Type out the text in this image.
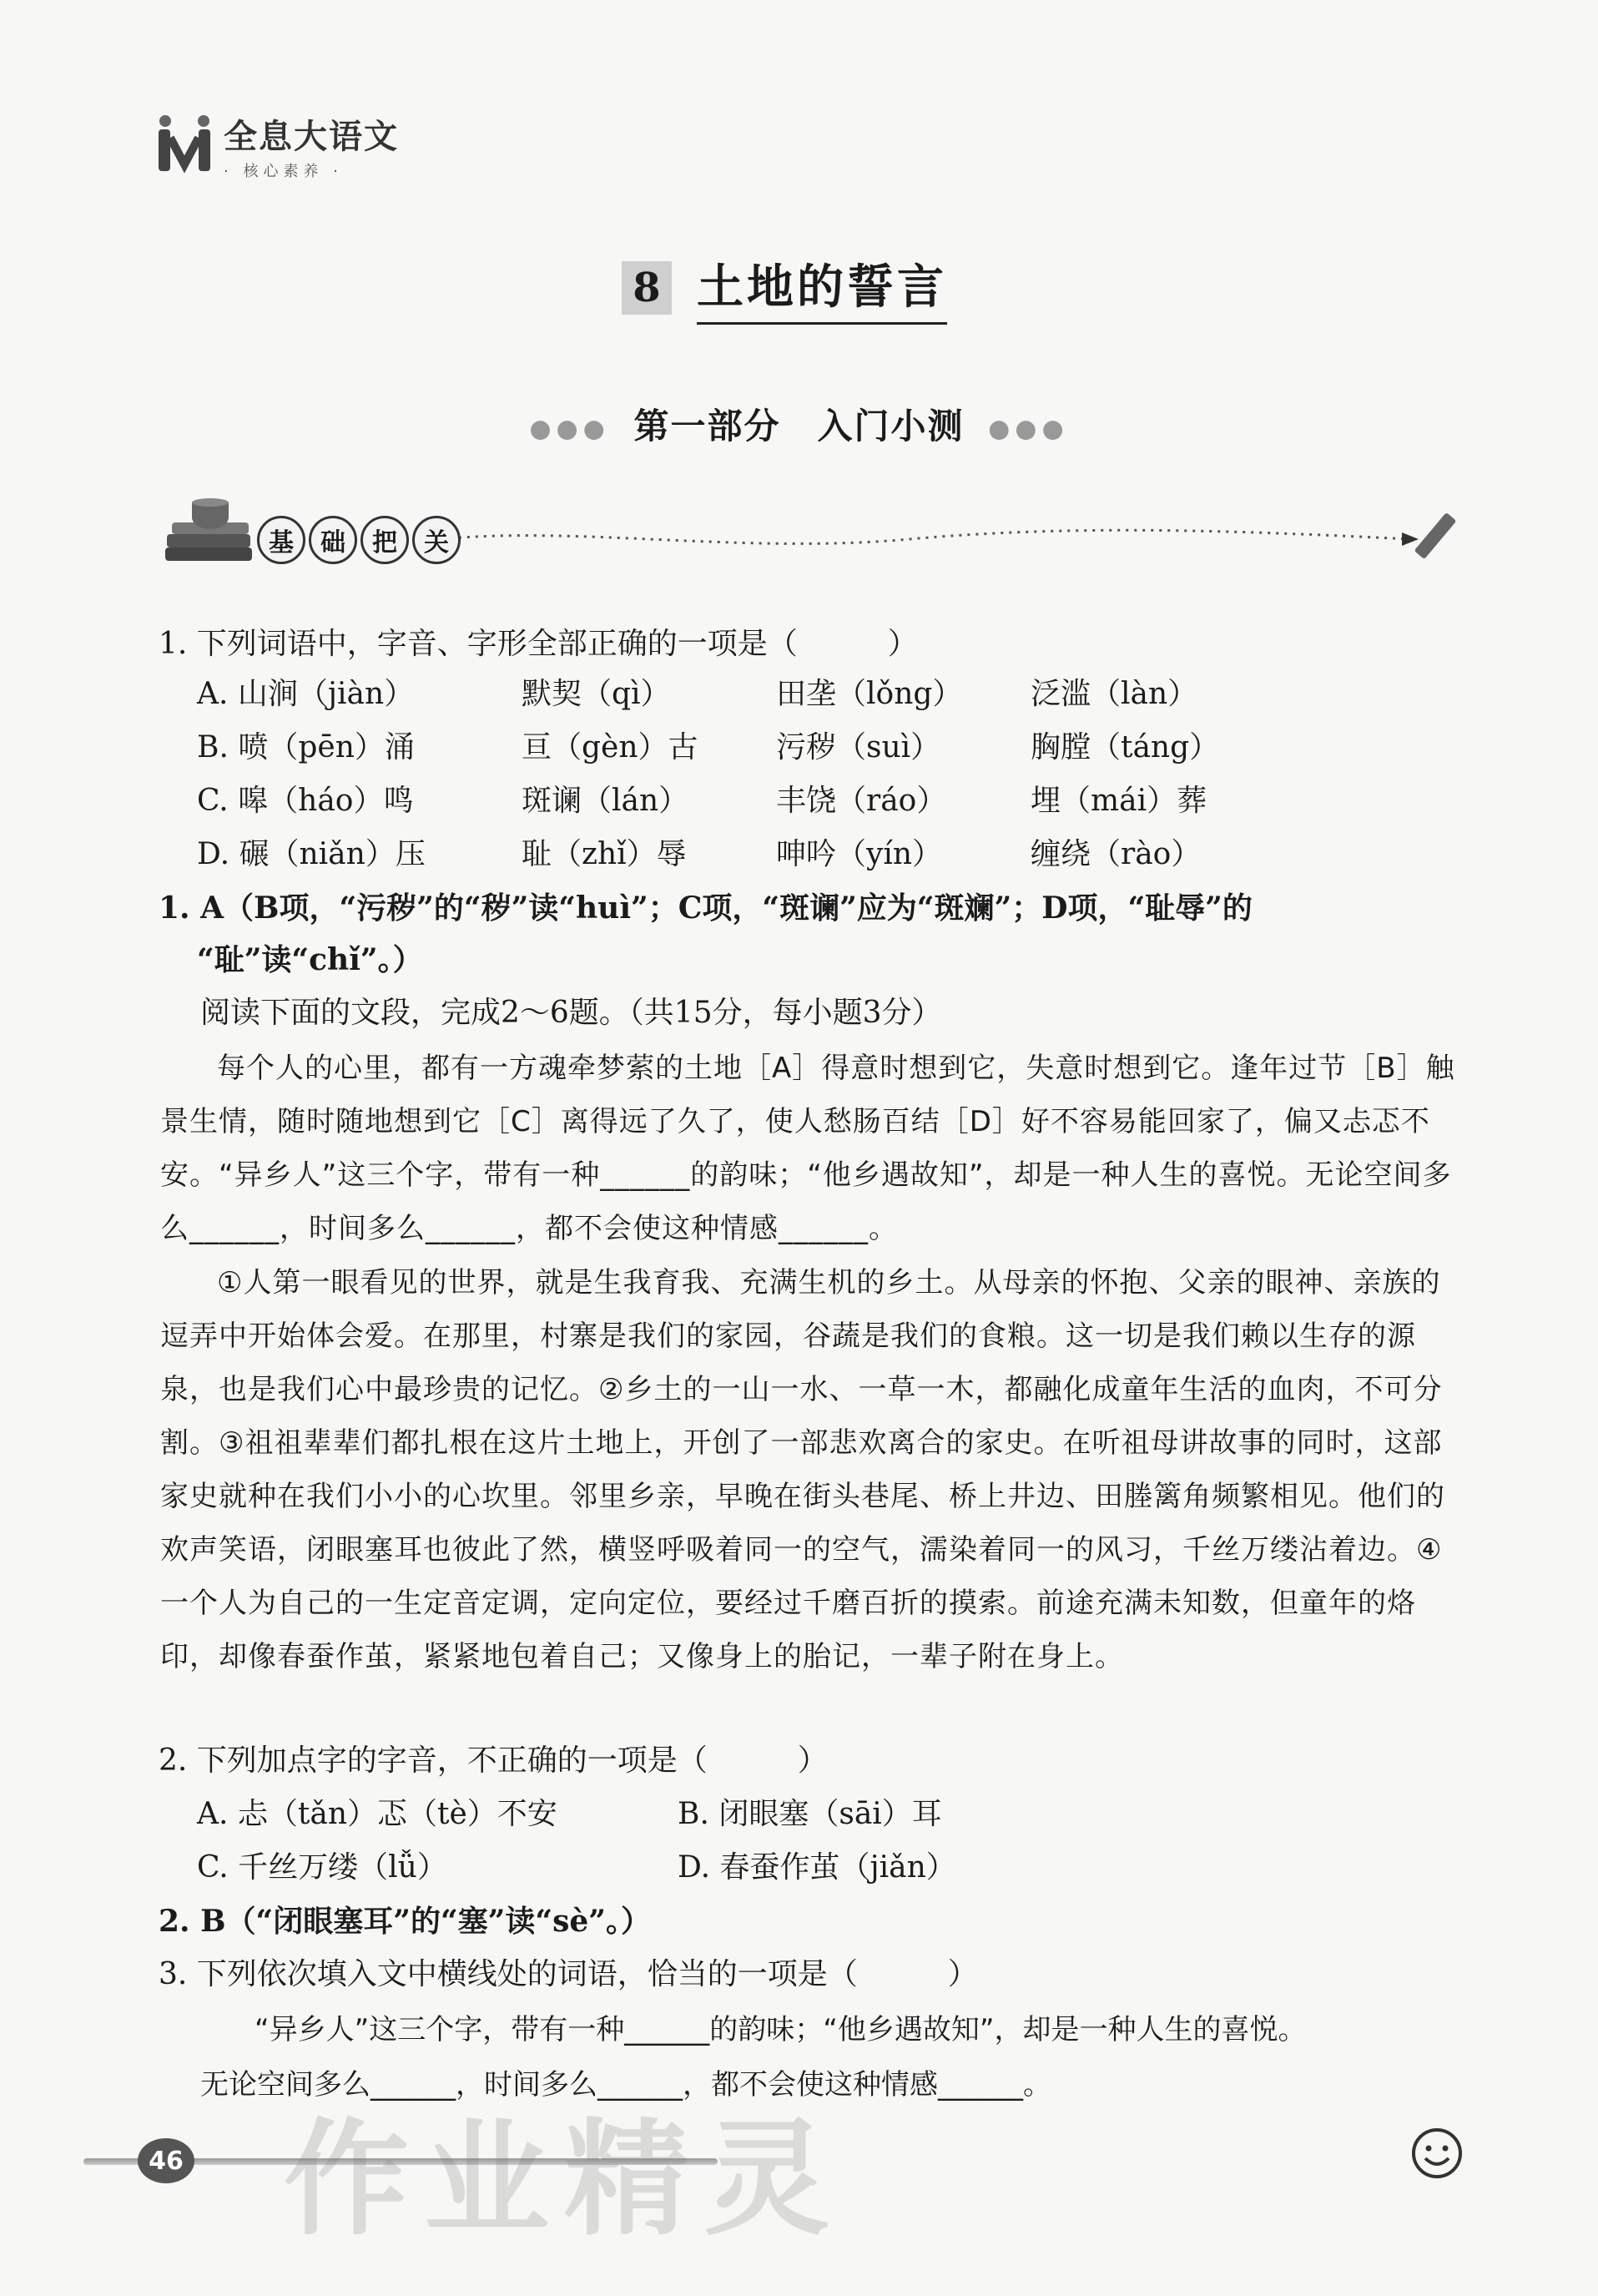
全息大语文
· 核心素养 ·
8 土地的誓言
●●● 第一部分　入门小测 ●●●
基	础	把	关
1. 下列词语中，字音、字形全部正确的一项是（　　　）
A. 山涧（jiàn）	默契（qì）	田垄（lǒng） 泛滥（làn）
B. 喷（pēn）涌	亘（gèn）古	污秽（suì）	胸膛（táng）
C. 嗥（háo）鸣	斑谰（lán）	丰饶（ráo）	埋（mái）葬
D. 碾（niǎn）压	耻（zhǐ）辱	呻吟（yín）	缠绕（rào）
1. A（B项，“污秽”的“秽”读“huì”；C项，“斑谰”应为“斑斓”；D项，“耻辱”的
“耻”读“chǐ”。）
阅读下面的文段，完成2～6题。（共15分，每小题3分）
每个人的心里，都有一方魂牵梦萦的土地［A］得意时想到它，失意时想到它。逢年过节［B］触景生情，随时随地想到它［C］离得远了久了，使人愁肠百结［D］好不容易能回家了，偏又忐忑不安。“异乡人”这三个字，带有一种______的韵味；“他乡遇故知”，却是一种人生的喜悦。无论空间多么______，时间多么______，都不会使这种情感______。
①人第一眼看见的世界，就是生我育我、充满生机的乡土。从母亲的怀抱、父亲的眼神、亲族的逗弄中开始体会爱。在那里，村寨是我们的家园，谷蔬是我们的食粮。这一切是我们赖以生存的源泉，也是我们心中最珍贵的记忆。②乡土的一山一水、一草一木，都融化成童年生活的血肉，不可分割。③祖祖辈辈们都扎根在这片土地上，开创了一部悲欢离合的家史。在听祖母讲故事的同时，这部家史就种在我们小小的心坎里。邻里乡亲，早晚在街头巷尾、桥上井边、田塍篱角频繁相见。他们的欢声笑语，闭眼塞耳也彼此了然，横竖呼吸着同一的空气，濡染着同一的风习，千丝万缕沾着边。④一个人为自己的一生定音定调，定向定位，要经过千磨百折的摸索。前途充满未知数，但童年的烙印，却像春蚕作茧，紧紧地包着自己；又像身上的胎记，一辈子附在身上。
2. 下列加点字的字音，不正确的一项是（　　　）
A. 忐（tǎn）忑（tè）不安	B. 闭眼塞（sāi）耳
C. 千丝万缕（lǚ）	D. 春蚕作茧（jiǎn）
2. B（“闭眼塞耳”的“塞”读“sè”。）
3. 下列依次填入文中横线处的词语，恰当的一项是（　　　）
“异乡人”这三个字，带有一种______的韵味；“他乡遇故知”，却是一种人生的喜悦。
无论空间多么______，时间多么______，都不会使这种情感______。
46 作业精灵
